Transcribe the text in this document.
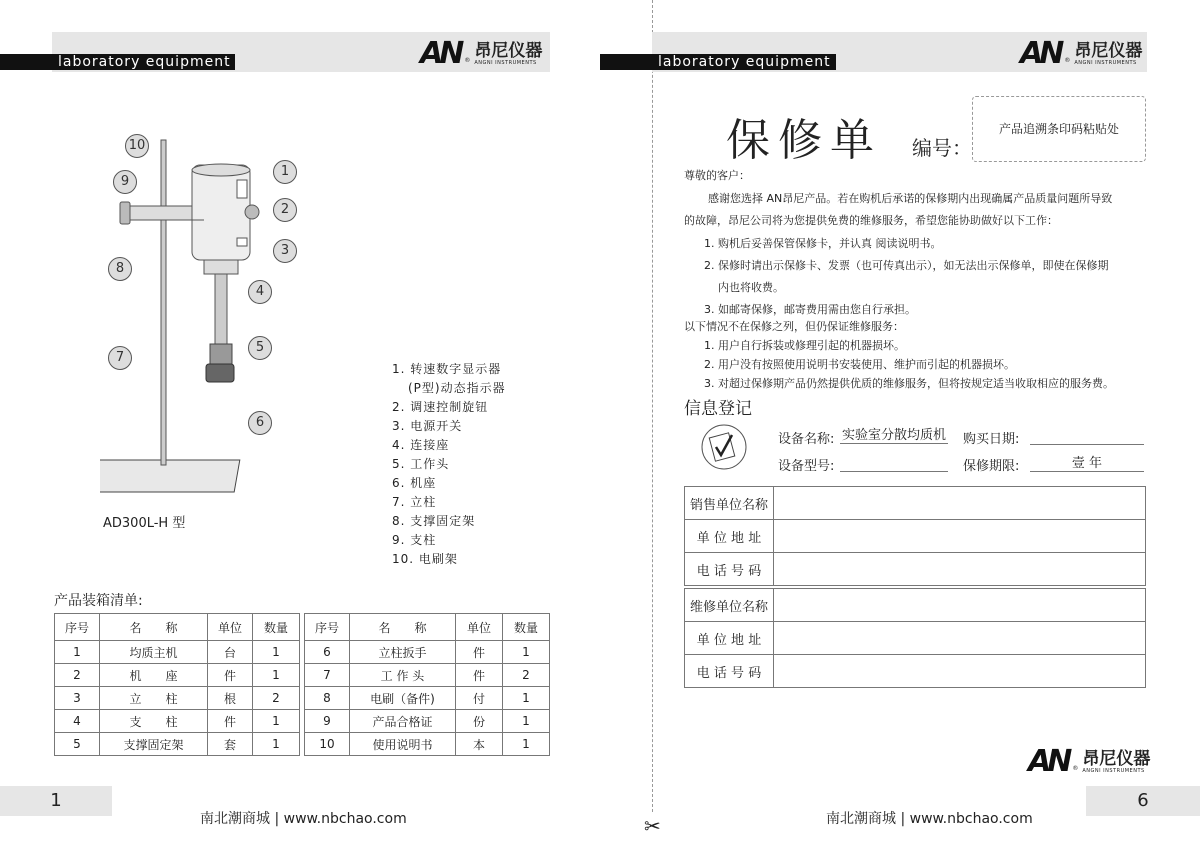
laboratory equipment	AN ® 昂尼仪器
ANGNI INSTRUMENTS
10
9
8
7
6
5
4
3
2
1
AD300L-H 型
1. 转速数字显示器
(P型)动态指示器
2. 调速控制旋钮
3. 电源开关
4. 连接座
5. 工作头
6. 机座
7. 立柱
8. 支撑固定架
9. 支柱
10. 电刷架
产品装箱清单:
序号	名　　称	单位	数量
1	均质主机	台	1
2	机　　座	件	1
3	立　　柱	根	2
4	支　　柱	件	1
5	支撑固定架	套	1
序号	名　　称	单位	数量
6	立柱扳手	件	1
7	工 作 头	件	2
8	电刷（备件)	付	1
9	产品合格证	份	1
10	使用说明书	本	1
1
南北潮商城 | www.nbchao.com	✂
laboratory equipment	AN ® 昂尼仪器
ANGNI INSTRUMENTS
保修单 编号：
产品追溯条印码粘贴处
尊敬的客户：
感谢您选择 AN昂尼产品。若在购机后承诺的保修期内出现确属产品质量问题所导致
的故障，昂尼公司将为您提供免费的维修服务，希望您能协助做好以下工作：
1. 购机后妥善保管保修卡，并认真 阅读说明书。
2. 保修时请出示保修卡、发票（也可传真出示），如无法出示保修单，即使在保修期
内也将收费。
3. 如邮寄保修，邮寄费用需由您自行承担。
以下情况不在保修之列，但仍保证维修服务：
1. 用户自行拆装或修理引起的机器损坏。
2. 用户没有按照使用说明书安装使用、维护而引起的机器损坏。
3. 对超过保修期产品仍然提供优质的维修服务，但将按规定适当收取相应的服务费。
信息登记
设备名称: 实验室分散均质机 购买日期:
设备型号:	保修期限:	壹 年
销售单位名称	
单 位 地 址	
电 话 号 码	
维修单位名称	
单 位 地 址	
电 话 号 码	
AN ® 昂尼仪器
ANGNI INSTRUMENTS
6
南北潮商城 | www.nbchao.com
